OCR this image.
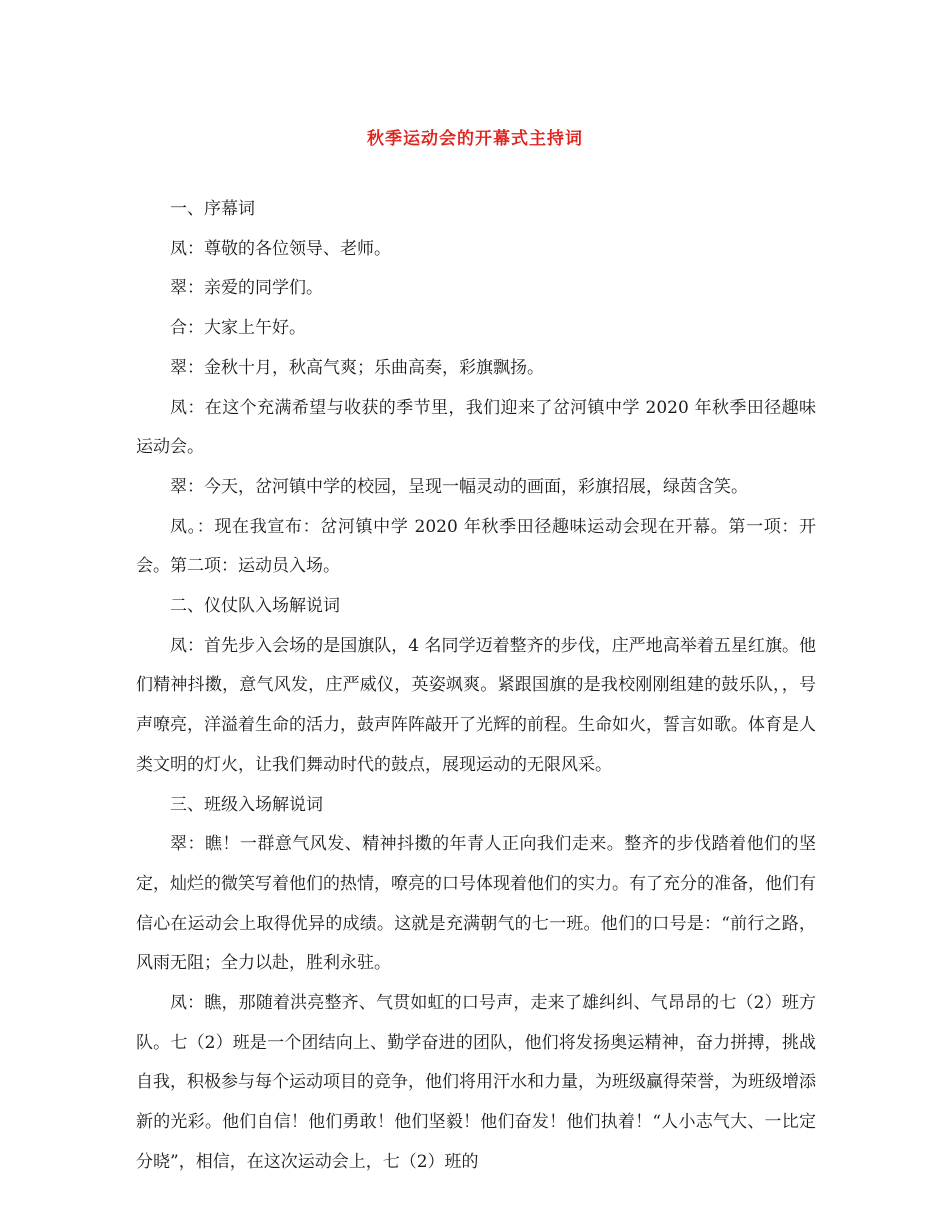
秋季运动会的开幕式主持词

一、序幕词

凤：尊敬的各位领导、老师。

翠：亲爱的同学们。

合：大家上午好。

翠：金秋十月，秋高气爽；乐曲高奏，彩旗飘扬。

凤：在这个充满希望与收获的季节里，我们迎来了岔河镇中学 2020 年秋季田径趣味运动会。

翠：今天，岔河镇中学的校园，呈现一幅灵动的画面，彩旗招展，绿茵含笑。

凤。：现在我宣布：岔河镇中学 2020 年秋季田径趣味运动会现在开幕。第一项：开会。第二项：运动员入场。

二、仪仗队入场解说词

凤：首先步入会场的是国旗队，4 名同学迈着整齐的步伐，庄严地高举着五星红旗。他们精神抖擞，意气风发，庄严威仪，英姿飒爽。紧跟国旗的是我校刚刚组建的鼓乐队，，号声嘹亮，洋溢着生命的活力，鼓声阵阵敲开了光辉的前程。生命如火，誓言如歌。体育是人类文明的灯火，让我们舞动时代的鼓点，展现运动的无限风采。

三、班级入场解说词

翠：瞧！一群意气风发、精神抖擞的年青人正向我们走来。整齐的步伐踏着他们的坚定，灿烂的微笑写着他们的热情，嘹亮的口号体现着他们的实力。有了充分的准备，他们有信心在运动会上取得优异的成绩。这就是充满朝气的七一班。他们的口号是：“前行之路，风雨无阻；全力以赴，胜利永驻。

凤：瞧，那随着洪亮整齐、气贯如虹的口号声，走来了雄纠纠、气昂昂的七（2）班方队。七（2）班是一个团结向上、勤学奋进的团队，他们将发扬奥运精神，奋力拼搏，挑战自我，积极参与每个运动项目的竞争，他们将用汗水和力量，为班级赢得荣誉，为班级增添新的光彩。他们自信！他们勇敢！他们坚毅！他们奋发！他们执着！“人小志气大、一比定分晓”，相信，在这次运动会上，七（2）班的
